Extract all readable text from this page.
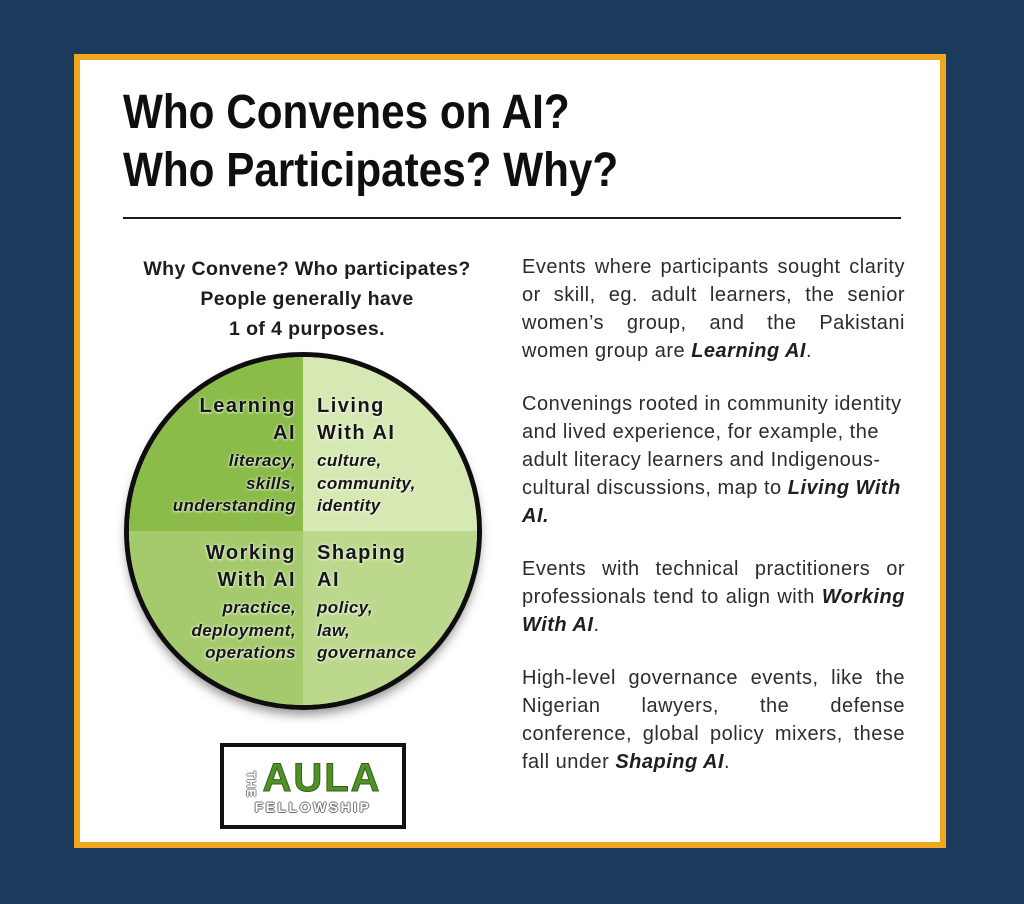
Who Convenes on AI?
Who Participates? Why?
Why Convene? Who participates?
People generally have
1 of 4 purposes.
Learning
AI
literacy,
skills,
understanding
Living
With AI
culture,
community,
identity
Working
With AI
practice,
deployment,
operations
Shaping
AI
policy,
law,
governance
THE AULA
FELLOWSHIP

Events where participants sought clarity or skill, eg. adult learners, the senior women’s group, and the Pakistani women group are Learning AI.

Convenings rooted in community identity and lived experience, for example, the adult literacy learners and Indigenous-cultural discussions, map to Living With AI.

Events with technical practitioners or professionals tend to align with Working With AI.

High-level governance events, like the Nigerian lawyers, the defense conference, global policy mixers, these fall under Shaping AI.
